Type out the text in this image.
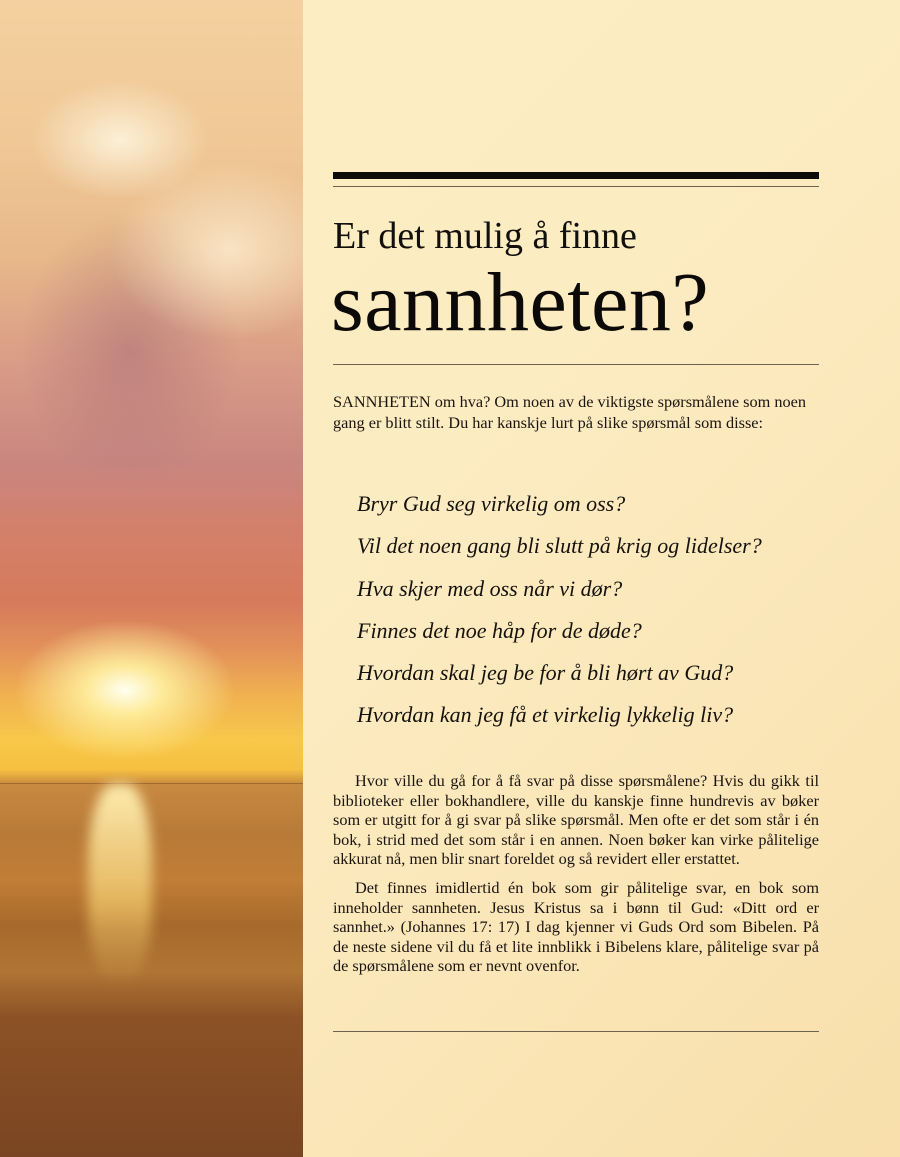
Er det mulig å finne
sannheten?

SANNHETEN om hva? Om noen av de viktigste spørsmålene som noen gang er blitt stilt. Du har kanskje lurt på slike spørsmål som disse:

Bryr Gud seg virkelig om oss?
Vil det noen gang bli slutt på krig og lidelser?
Hva skjer med oss når vi dør?
Finnes det noe håp for de døde?
Hvordan skal jeg be for å bli hørt av Gud?
Hvordan kan jeg få et virkelig lykkelig liv?

Hvor ville du gå for å få svar på disse spørsmålene? Hvis du gikk til biblioteker eller bokhandlere, ville du kanskje finne hundrevis av bøker som er utgitt for å gi svar på slike spørsmål. Men ofte er det som står i én bok, i strid med det som står i en annen. Noen bøker kan virke pålitelige akkurat nå, men blir snart foreldet og så revidert eller erstattet.

Det finnes imidlertid én bok som gir pålitelige svar, en bok som inneholder sannheten. Jesus Kristus sa i bønn til Gud: «Ditt ord er sannhet.» (Johannes 17: 17) I dag kjenner vi Guds Ord som Bibelen. På de neste sidene vil du få et lite innblikk i Bibelens klare, pålitelige svar på de spørsmålene som er nevnt ovenfor.
